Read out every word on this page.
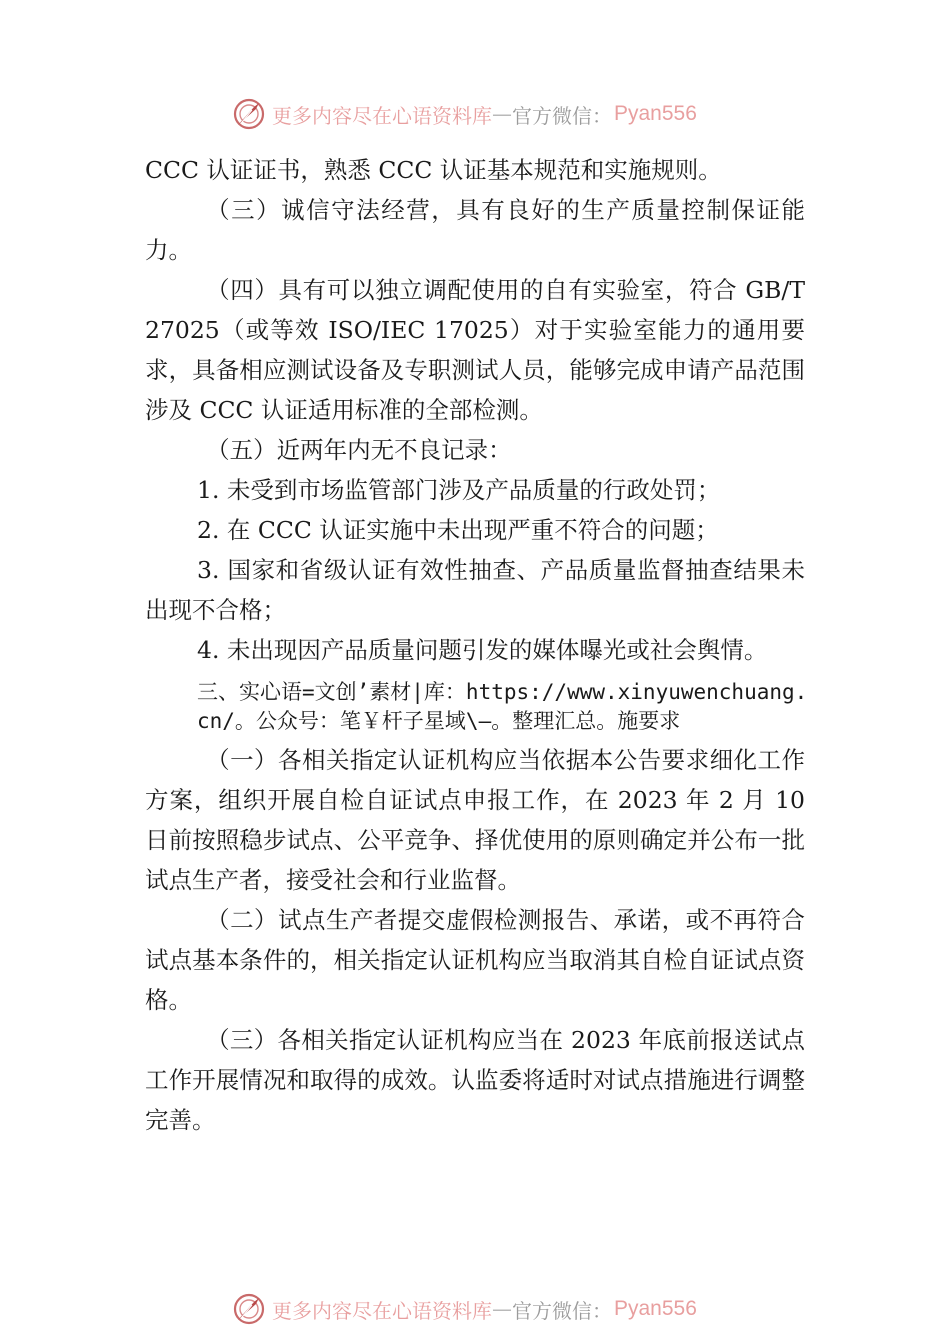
更多内容尽在心语资料库 — 官方微信： Pyan556

CCC 认证证书，熟悉 CCC 认证基本规范和实施规则。

（三）诚信守法经营，具有良好的生产质量控制保证能力。

（四）具有可以独立调配使用的自有实验室，符合 GB/T 27025（或等效 ISO/IEC 17025）对于实验室能力的通用要求，具备相应测试设备及专职测试人员，能够完成申请产品范围涉及 CCC 认证适用标准的全部检测。

（五）近两年内无不良记录：

1. 未受到市场监管部门涉及产品质量的行政处罚；

2. 在 CCC 认证实施中未出现严重不符合的问题；

3. 国家和省级认证有效性抽查、产品质量监督抽查结果未出现不合格；

4. 未出现因产品质量问题引发的媒体曝光或社会舆情。

三、实心语=文创’素材|库：https://www.xinyuwenchuang.cn/。公众号：笔￥杆子星域\—。整理汇总。施要求

（一）各相关指定认证机构应当依据本公告要求细化工作方案，组织开展自检自证试点申报工作，在 2023 年 2 月 10 日前按照稳步试点、公平竞争、择优使用的原则确定并公布一批试点生产者，接受社会和行业监督。

（二）试点生产者提交虚假检测报告、承诺，或不再符合试点基本条件的，相关指定认证机构应当取消其自检自证试点资格。

（三）各相关指定认证机构应当在 2023 年底前报送试点工作开展情况和取得的成效。认监委将适时对试点措施进行调整完善。

更多内容尽在心语资料库 — 官方微信： Pyan556
